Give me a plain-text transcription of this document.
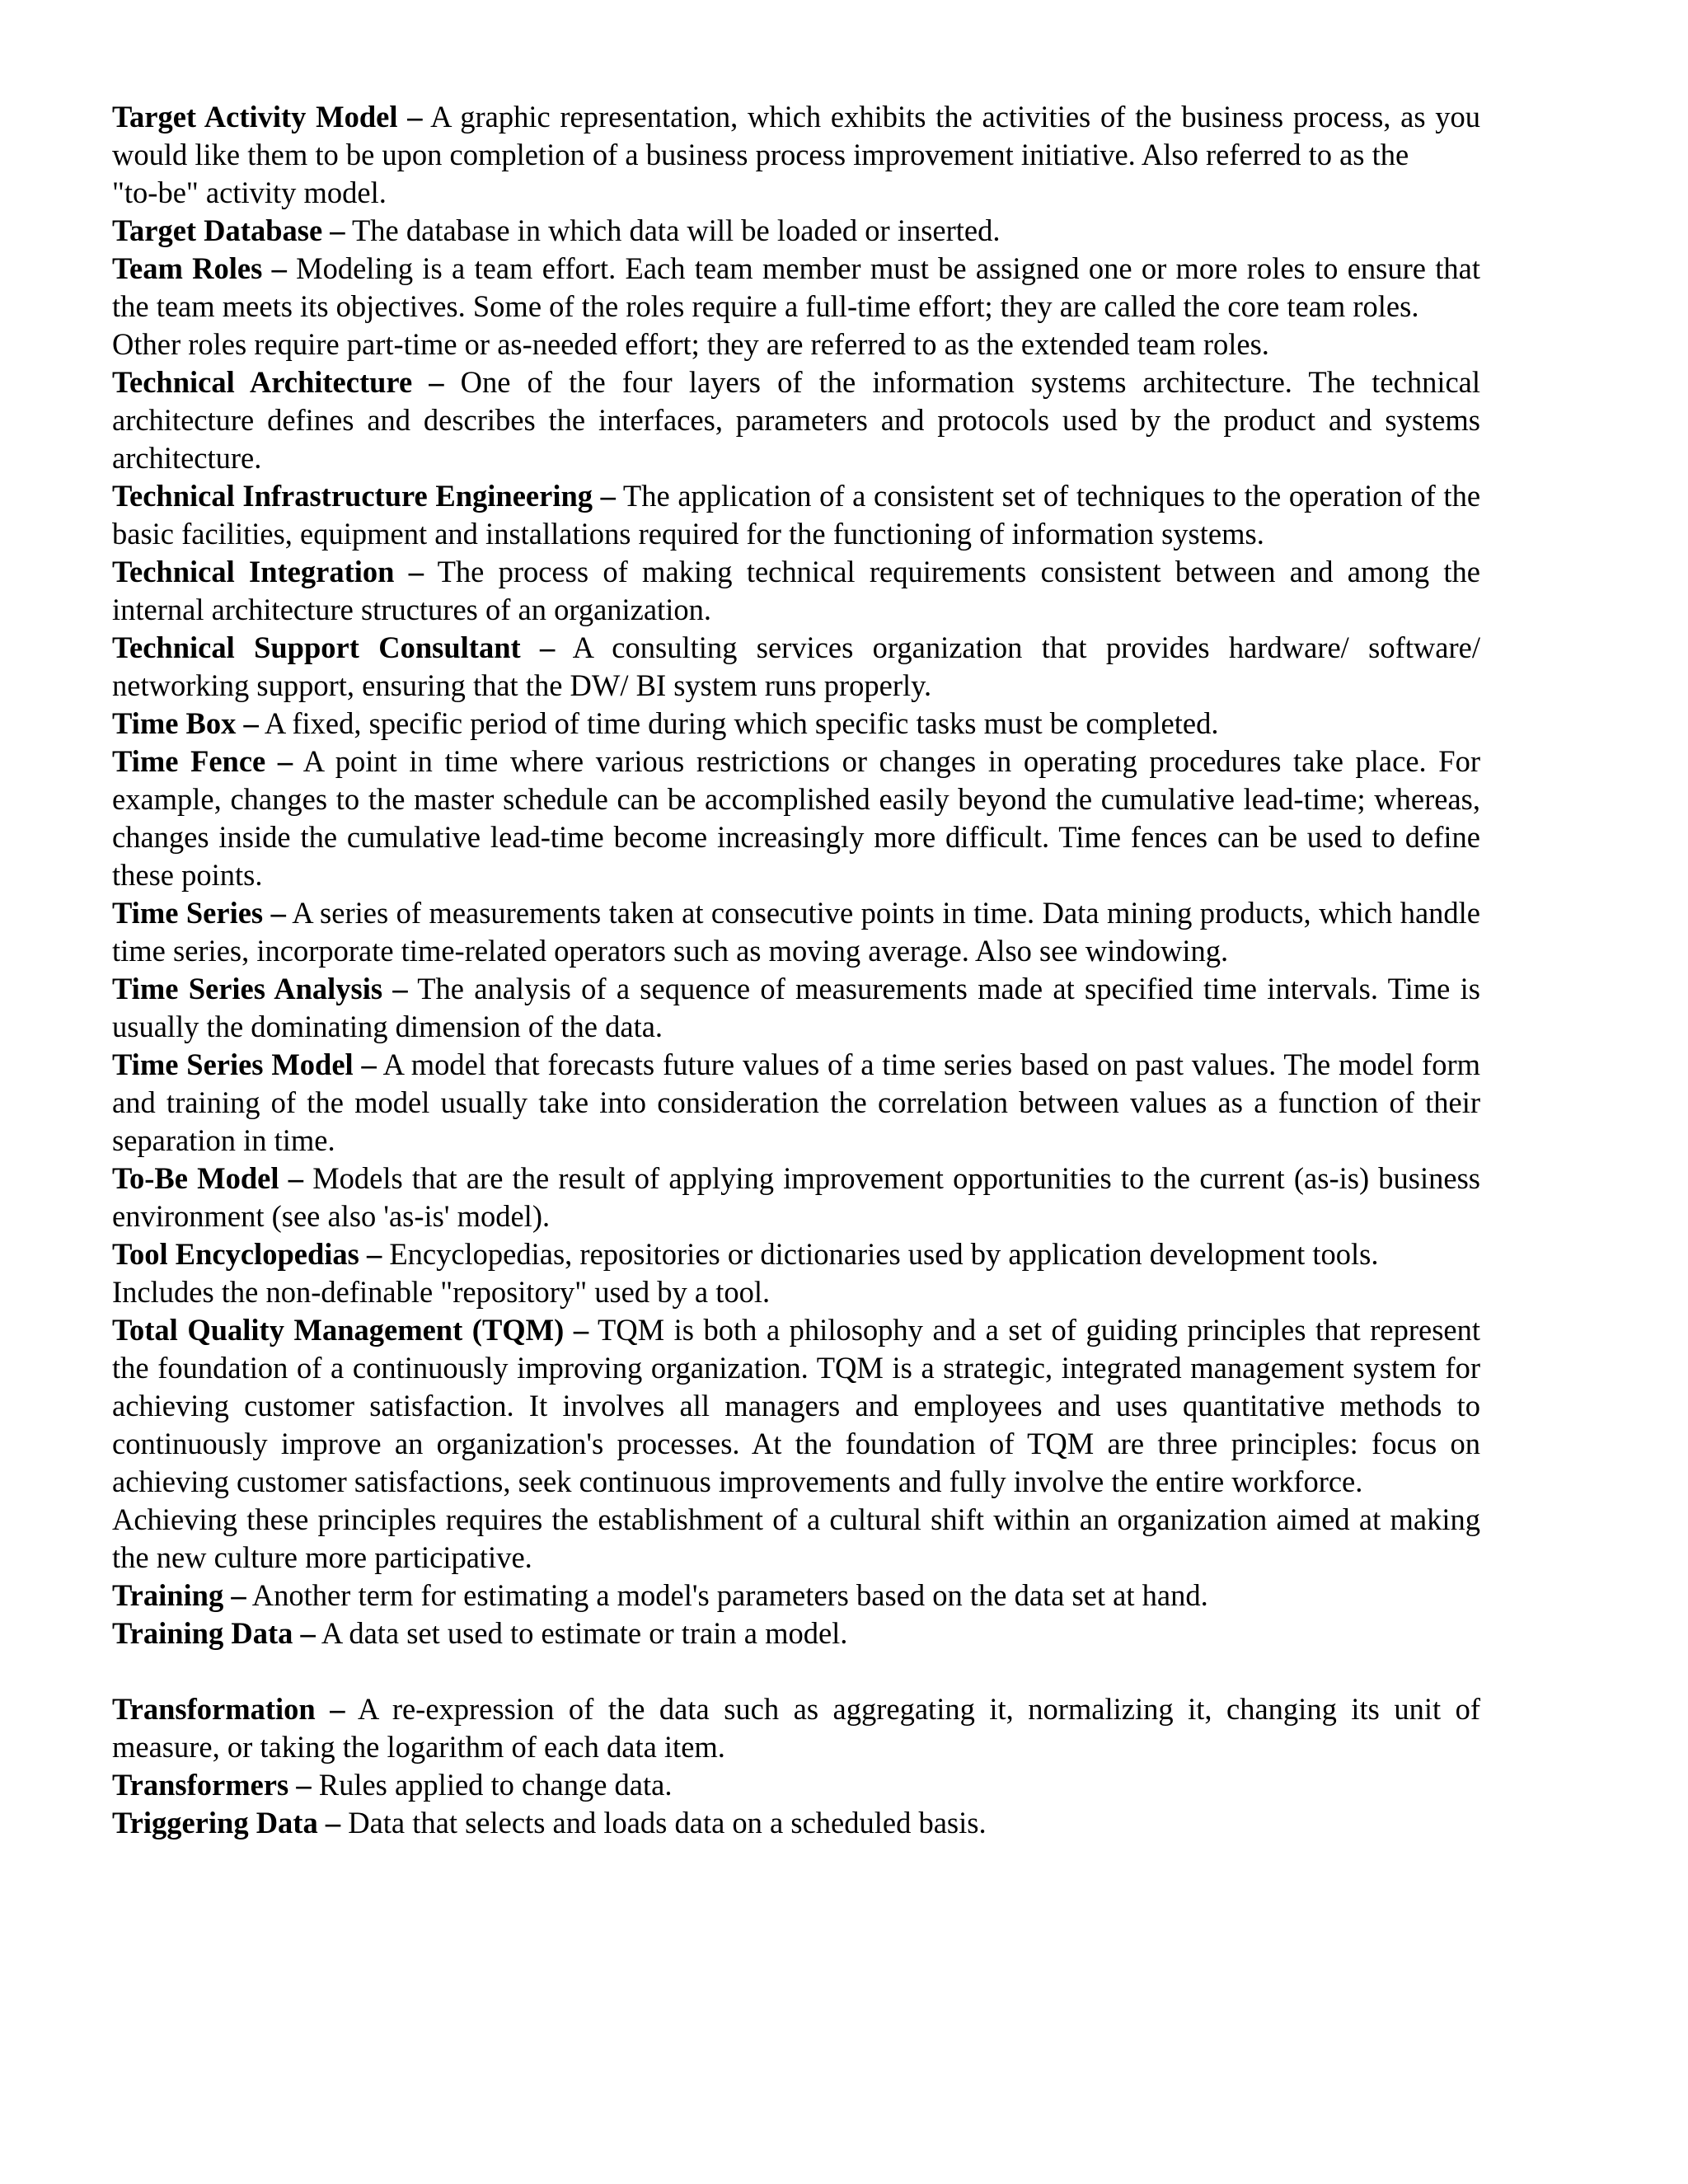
Target Activity Model – A graphic representation, which exhibits the activities of the business process, as you would like them to be upon completion of a business process improvement initiative. Also referred to as the

"to-be" activity model.

Target Database – The database in which data will be loaded or inserted.

Team Roles – Modeling is a team effort. Each team member must be assigned one or more roles to ensure that the team meets its objectives. Some of the roles require a full-time effort; they are called the core team roles.

Other roles require part-time or as-needed effort; they are referred to as the extended team roles.

Technical Architecture – One of the four layers of the information systems architecture. The technical architecture defines and describes the interfaces, parameters and protocols used by the product and systems architecture.

Technical Infrastructure Engineering – The application of a consistent set of techniques to the operation of the basic facilities, equipment and installations required for the functioning of information systems.

Technical Integration – The process of making technical requirements consistent between and among the internal architecture structures of an organization.

Technical Support Consultant – A consulting services organization that provides hardware/ software/ networking support, ensuring that the DW/ BI system runs properly.

Time Box – A fixed, specific period of time during which specific tasks must be completed.

Time Fence – A point in time where various restrictions or changes in operating procedures take place. For example, changes to the master schedule can be accomplished easily beyond the cumulative lead-time; whereas, changes inside the cumulative lead-time become increasingly more difficult. Time fences can be used to define these points.

Time Series – A series of measurements taken at consecutive points in time. Data mining products, which handle time series, incorporate time-related operators such as moving average. Also see windowing.

Time Series Analysis – The analysis of a sequence of measurements made at specified time intervals. Time is usually the dominating dimension of the data.

Time Series Model – A model that forecasts future values of a time series based on past values. The model form and training of the model usually take into consideration the correlation between values as a function of their separation in time.

To-Be Model – Models that are the result of applying improvement opportunities to the current (as-is) business environment (see also 'as-is' model).

Tool Encyclopedias – Encyclopedias, repositories or dictionaries used by application development tools.

Includes the non-definable "repository" used by a tool.

Total Quality Management (TQM) – TQM is both a philosophy and a set of guiding principles that represent the foundation of a continuously improving organization. TQM is a strategic, integrated management system for achieving customer satisfaction. It involves all managers and employees and uses quantitative methods to continuously improve an organization's processes. At the foundation of TQM are three principles: focus on achieving customer satisfactions, seek continuous improvements and fully involve the entire workforce.

Achieving these principles requires the establishment of a cultural shift within an organization aimed at making the new culture more participative.

Training – Another term for estimating a model's parameters based on the data set at hand.

Training Data – A data set used to estimate or train a model.

Transformation – A re-expression of the data such as aggregating it, normalizing it, changing its unit of measure, or taking the logarithm of each data item.

Transformers – Rules applied to change data.

Triggering Data – Data that selects and loads data on a scheduled basis.
